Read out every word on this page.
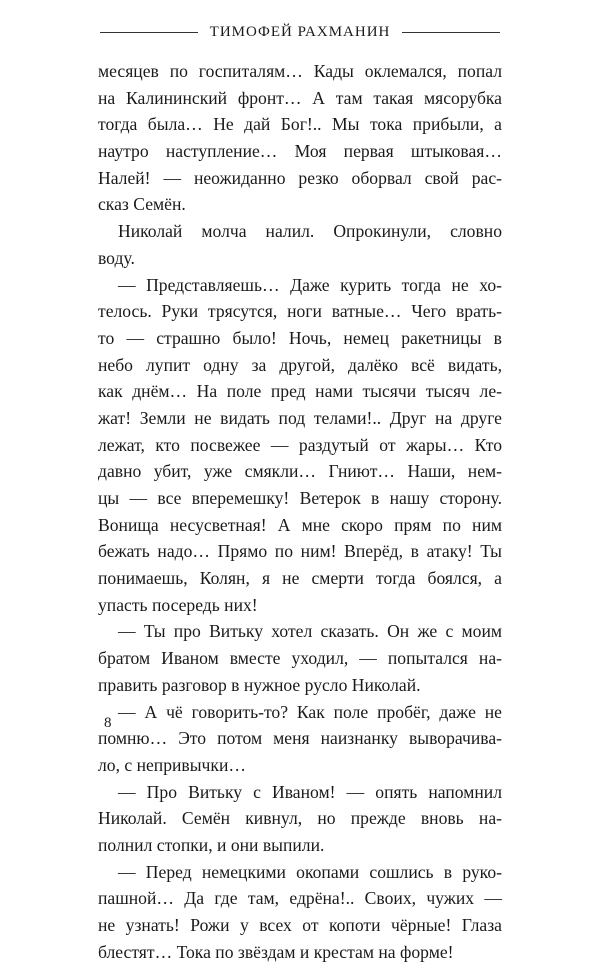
ТИМОФЕЙ РАХМАНИН
месяцев по госпиталям… Кады оклемался, попал
на Калининский фронт… А там такая мясорубка
тогда была… Не дай Бог!.. Мы тока прибыли, а
наутро наступление… Моя первая штыковая…
Налей! — неожиданно резко оборвал свой рас-
сказ Семён.
Николай молча налил. Опрокинули, словно
воду.
— Представляешь… Даже курить тогда не хо-
телось. Руки трясутся, ноги ватные… Чего врать-
то — страшно было! Ночь, немец ракетницы в
небо лупит одну за другой, далёко всё видать,
как днём… На поле пред нами тысячи тысяч ле-
жат! Земли не видать под телами!.. Друг на друге
лежат, кто посвежее — раздутый от жары… Кто
давно убит, уже смякли… Гниют… Наши, нем-
цы — все вперемешку! Ветерок в нашу сторону.
Вонища несусветная! А мне скоро прям по ним
бежать надо… Прямо по ним! Вперёд, в атаку! Ты
понимаешь, Колян, я не смерти тогда боялся, а
упасть посередь них!
— Ты про Витьку хотел сказать. Он же с моим
братом Иваном вместе уходил, — попытался на-
править разговор в нужное русло Николай.
— А чё говорить-то? Как поле пробёг, даже не
помню… Это потом меня наизнанку выворачива-
ло, с непривычки…
— Про Витьку с Иваном! — опять напомнил
Николай. Семён кивнул, но прежде вновь на-
полнил стопки, и они выпили.
— Перед немецкими окопами сошлись в руко-
пашной… Да где там, едрёна!.. Своих, чужих —
не узнать! Рожи у всех от копоти чёрные! Глаза
блестят… Тока по звёздам и крестам на форме!
8
